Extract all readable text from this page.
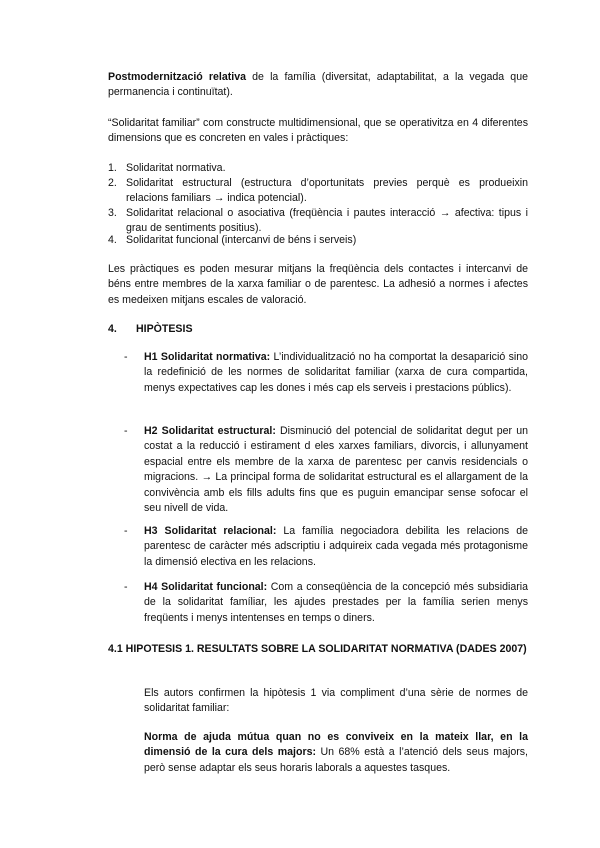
Postmodernització relativa de la família (diversitat, adaptabilitat, a la vegada que permanencia i continuïtat).

“Solidaritat familiar” com constructe multidimensional, que se operativitza en 4 diferentes dimensions que es concreten en vales i pràctiques:

1. Solidaritat normativa.
2. Solidaritat estructural (estructura d’oportunitats previes perquè es produeixin relacions familiars → indica potencial).
3. Solidaritat relacional o asociativa (freqüència i pautes interacció → afectiva: tipus i grau de sentiments positius).
4. Solidaritat funcional (intercanvi de béns i serveis)

Les pràctiques es poden mesurar mitjans la freqüència dels contactes i intercanvi de béns entre membres de la xarxa familiar o de parentesc. La adhesió a normes i afectes es medeixen mitjans escales de valoració.

4. HIPÒTESIS
- H1 Solidaritat normativa: L’individualització no ha comportat la desaparició sino la redefinició de les normes de solidaritat familiar (xarxa de cura compartida, menys expectatives cap les dones i més cap els serveis i prestacions públics).
- H2 Solidaritat estructural: Disminució del potencial de solidaritat degut per un costat a la reducció i estirament d eles xarxes familiars, divorcis, i allunyament espacial entre els membre de la xarxa de parentesc per canvis residencials o migracions. → La principal forma de solidaritat estructural es el allargament de la convivència amb els fills adults fins que es puguin emancipar sense sofocar el seu nivell de vida.
- H3 Solidaritat relacional: La família negociadora debilita les relacions de parentesc de caràcter més adscriptiu i adquireix cada vegada més protagonisme la dimensió electiva en les relacions.
- H4 Solidaritat funcional: Com a conseqüència de la concepció més subsidiaria de la solidaritat famíliar, les ajudes prestades per la família serien menys freqüents i menys intentenses en temps o diners.
4.1 HIPOTESIS 1. RESULTATS SOBRE LA SOLIDARITAT NORMATIVA (DADES 2007)
Els autors confirmen la hipòtesis 1 via compliment d’una sèrie de normes de solidaritat familiar:
Norma de ajuda mútua quan no es conviveix en la mateix llar, en la dimensió de la cura dels majors: Un 68% està a l’atenció dels seus majors, però sense adaptar els seus horaris laborals a aquestes tasques.
